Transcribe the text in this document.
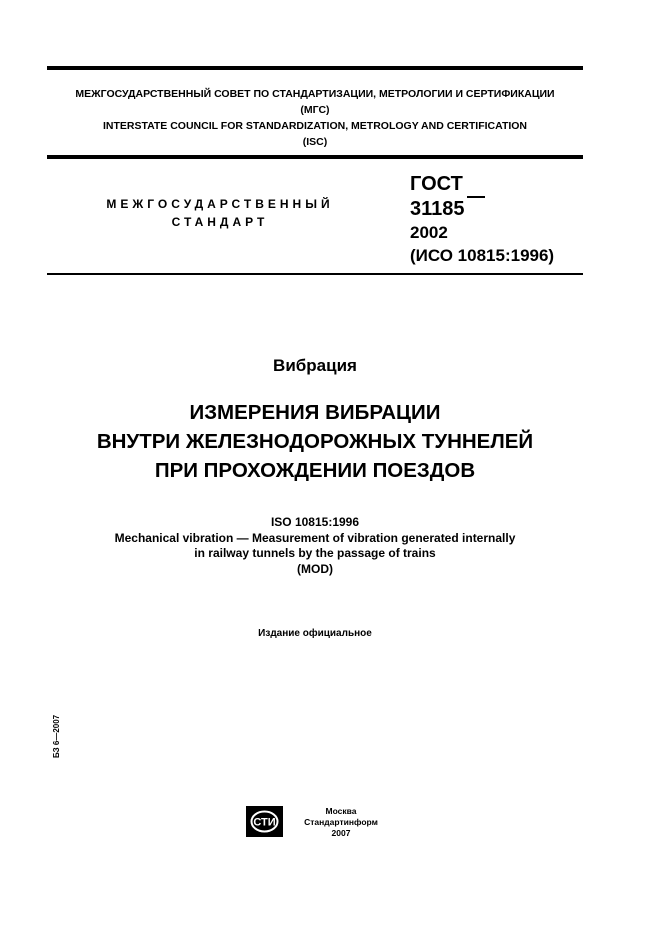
МЕЖГОСУДАРСТВЕННЫЙ СОВЕТ ПО СТАНДАРТИЗАЦИИ, МЕТРОЛОГИИ И СЕРТИФИКАЦИИ
(МГС)
INTERSTATE COUNCIL FOR STANDARDIZATION, METROLOGY AND CERTIFICATION
(ISC)
МЕЖГОСУДАРСТВЕННЫЙ
СТАНДАРТ
ГОСТ
31185
2002
(ИСО 10815:1996)
Вибрация
ИЗМЕРЕНИЯ ВИБРАЦИИ
ВНУТРИ ЖЕЛЕЗНОДОРОЖНЫХ ТУННЕЛЕЙ
ПРИ ПРОХОЖДЕНИИ ПОЕЗДОВ
ISO 10815:1996
Mechanical vibration — Measurement of vibration generated internally
in railway tunnels by the passage of trains
(MOD)
Издание официальное
БЗ 6—2007
СТИ
Москва
Стандартинформ
2007
